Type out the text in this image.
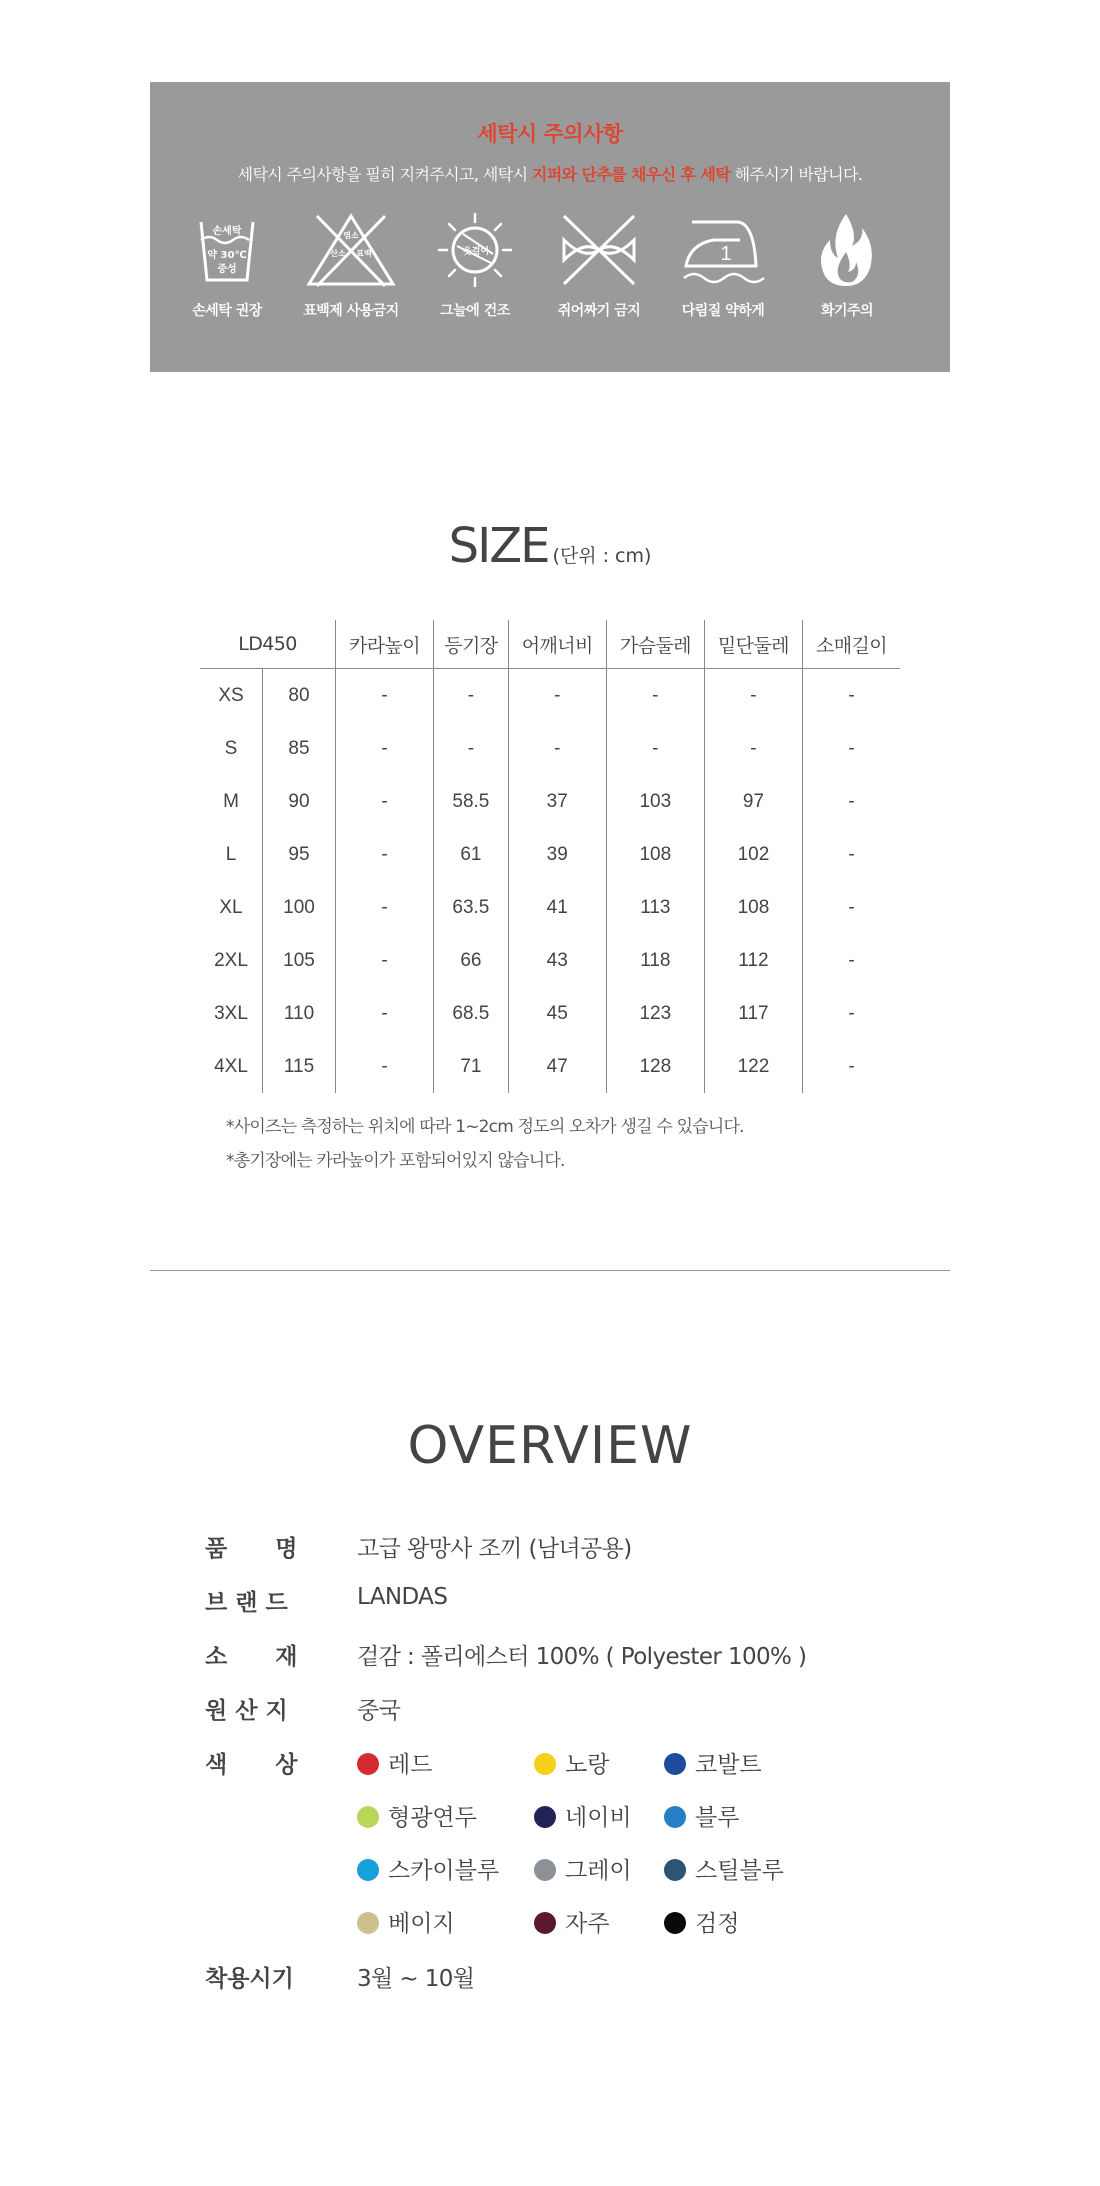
세탁시 주의사항
세탁시 주의사항을 필히 지켜주시고, 세탁시 지퍼와 단추를 채우신 후 세탁 해주시기 바랍니다.
손세탁
약 30℃
중성
손세탁 권장
염소
산소 표백
표백제 사용금지
옷걸이
그늘에 건조	쥐어짜기 금지
1
다림질 약하게	화기주의
SIZE (단위 : cm)
LD450		카라높이	등기장	어깨너비	가슴둘레	밑단둘레	소매길이
XS	80	-	-	-	-	-	-
S	85	-	-	-	-	-	-
M	90	-	58.5	37	103	97	-
L	95	-	61	39	108	102	-
XL	100	-	63.5	41	113	108	-
2XL	105	-	66	43	118	112	-
3XL	110	-	68.5	45	123	117	-
4XL	115	-	71	47	128	122	-
*사이즈는 측정하는 위치에 따라 1~2cm 정도의 오차가 생길 수 있습니다.
*총기장에는 카라높이가 포함되어있지 않습니다.
OVERVIEW
품      명	고급 왕망사 조끼 (남녀공용)
브 랜 드	LANDAS
소      재	겉감 : 폴리에스터 100% ( Polyester 100% )
원 산 지	중국
색      상	레드	노랑	코발트
형광연두	네이비	블루
스카이블루	그레이	스틸블루
베이지	자주	검정
착용시기	3월 ~ 10월
